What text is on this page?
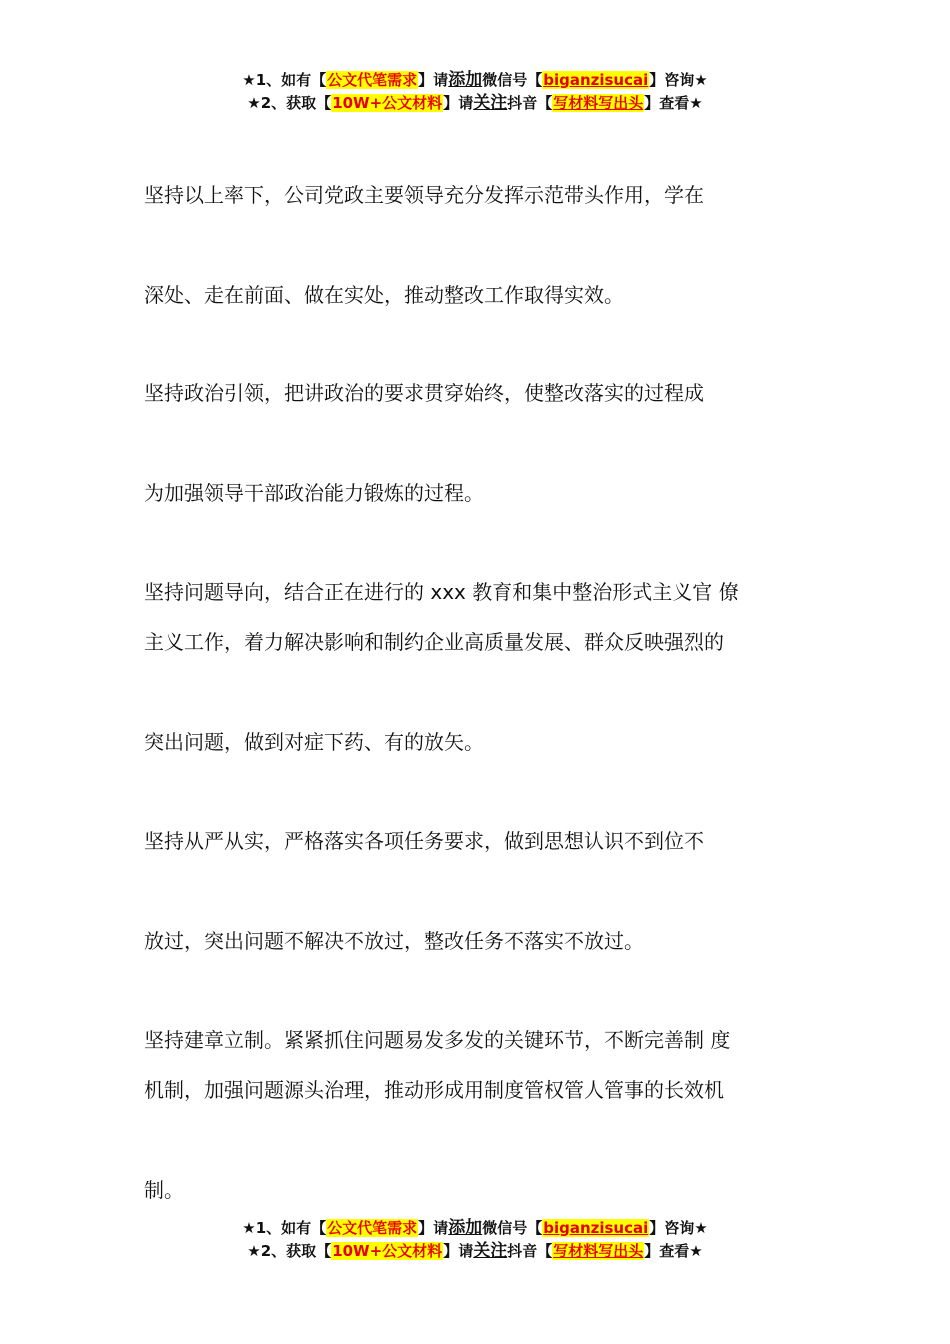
★1、如有【公文代笔需求】请添加微信号【biganzisucai】咨询★
★2、获取【10W+公文材料】请关注抖音【写材料写出头】查看★
坚持以上率下，公司党政主要领导充分发挥示范带头作用，学在
深处、走在前面、做在实处，推动整改工作取得实效。
坚持政治引领，把讲政治的要求贯穿始终，使整改落实的过程成
为加强领导干部政治能力锻炼的过程。
坚持问题导向，结合正在进行的 xxx 教育和集中整治形式主义官 僚
主义工作，着力解决影响和制约企业高质量发展、群众反映强烈的
突出问题，做到对症下药、有的放矢。
坚持从严从实，严格落实各项任务要求，做到思想认识不到位不
放过，突出问题不解决不放过，整改任务不落实不放过。
坚持建章立制。紧紧抓住问题易发多发的关键环节，不断完善制 度
机制，加强问题源头治理，推动形成用制度管权管人管事的长效机
制。
★1、如有【公文代笔需求】请添加微信号【biganzisucai】咨询★
★2、获取【10W+公文材料】请关注抖音【写材料写出头】查看★
